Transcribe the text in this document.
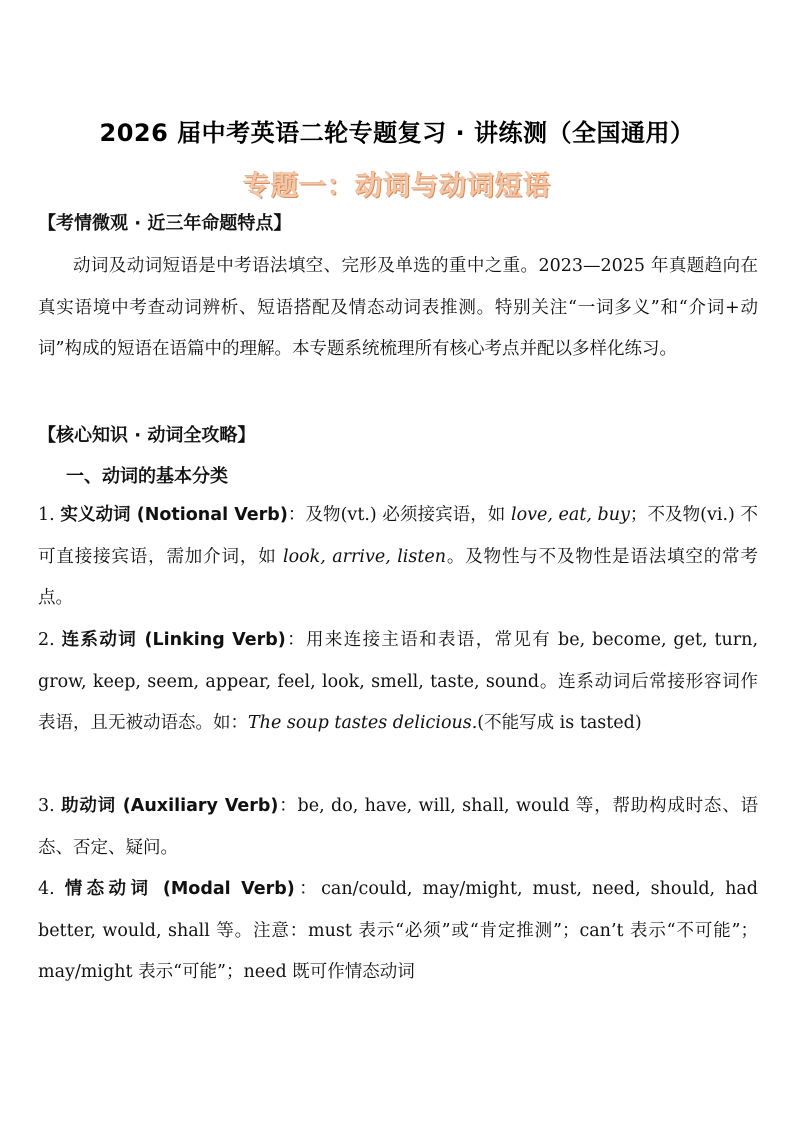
2026 届中考英语二轮专题复习 · 讲练测（全国通用）
专题一：动词与动词短语
【考情微观 · 近三年命题特点】
动词及动词短语是中考语法填空、完形及单选的重中之重。2023—2025 年真题趋向在真实语境中考查动词辨析、短语搭配及情态动词表推测。特别关注“一词多义”和“介词+动词”构成的短语在语篇中的理解。本专题系统梳理所有核心考点并配以多样化练习。
【核心知识 · 动词全攻略】
一、动词的基本分类
1. 实义动词 (Notional Verb)：及物(vt.) 必须接宾语，如 love, eat, buy；不及物(vi.) 不可直接接宾语，需加介词，如 look, arrive, listen。及物性与不及物性是语法填空的常考点。
2. 连系动词 (Linking Verb)：用来连接主语和表语，常见有 be, become, get, turn, grow, keep, seem, appear, feel, look, smell, taste, sound。连系动词后常接形容词作表语，且无被动语态。如：The soup tastes delicious.(不能写成 is tasted)
3. 助动词 (Auxiliary Verb)：be, do, have, will, shall, would 等，帮助构成时态、语态、否定、疑问。
4. 情态动词 (Modal Verb)：can/could, may/might, must, need, should, had better, would, shall 等。注意：must 表示“必须”或“肯定推测”；can’t 表示“不可能”；may/might 表示“可能”；need 既可作情态动词
